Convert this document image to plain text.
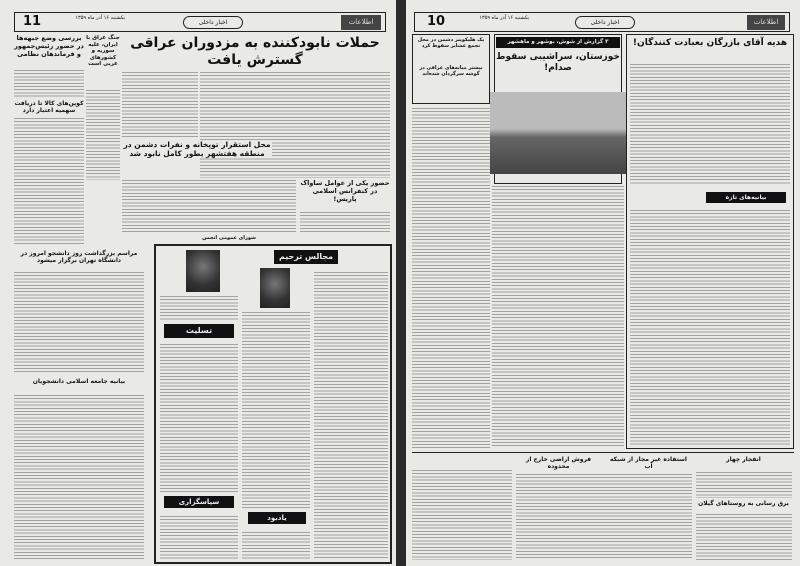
11	یکشنبه ۱۶ آذر ماه ۱۳۵۹
اخبار داخلی	اطلاعات
حملات نابودکننده به مزدوران عراقی گسترش یافت
محل استقرار توپخانه و نفرات دشمن در منطقه هفتشهر بطور کامل نابود شد
حضور یکی از عوامل ساواک در کنفرانس اسلامی پاریس!
بررسی وضع جبهه‌ها در حضور رئیس‌جمهور و فرماندهان نظامی
جنگ عراق با ایران، علیه سوریه و کشورهای عربی است
کوپن‌های کالا تا دریافت سهمیه اعتبار دارد
مراسم بزرگداشت روز دانشجو امروز در دانشگاه تهران برگزار میشود
بیانیه جامعه اسلامی دانشجویان
مجالس ترحیم
تسلیت
سپاسگزاری
یادبود
شورای عمومی انجمن
10	یکشنبه ۱۶ آذر ماه ۱۳۵۹
اخبار داخلی	اطلاعات
۳ گزارش از شوش، بوشهر و ماهشهر
خوزستان، سراشیبی سقوط صدام!
یک هلیکوپتر دشمن در محل تجمع عشایر سقوط کرد
بیشتر میانه‌های عراقی در گوشه سرگردان شده‌اند
هدیه آقای بازرگان بعبادت کنندگان!
بیانیه‌های تازه
انفجار چهار
استفاده غیر مجاز از شبکه آب
فروش اراضی خارج از محدوده
برق رسانی به روستاهای گیلان
